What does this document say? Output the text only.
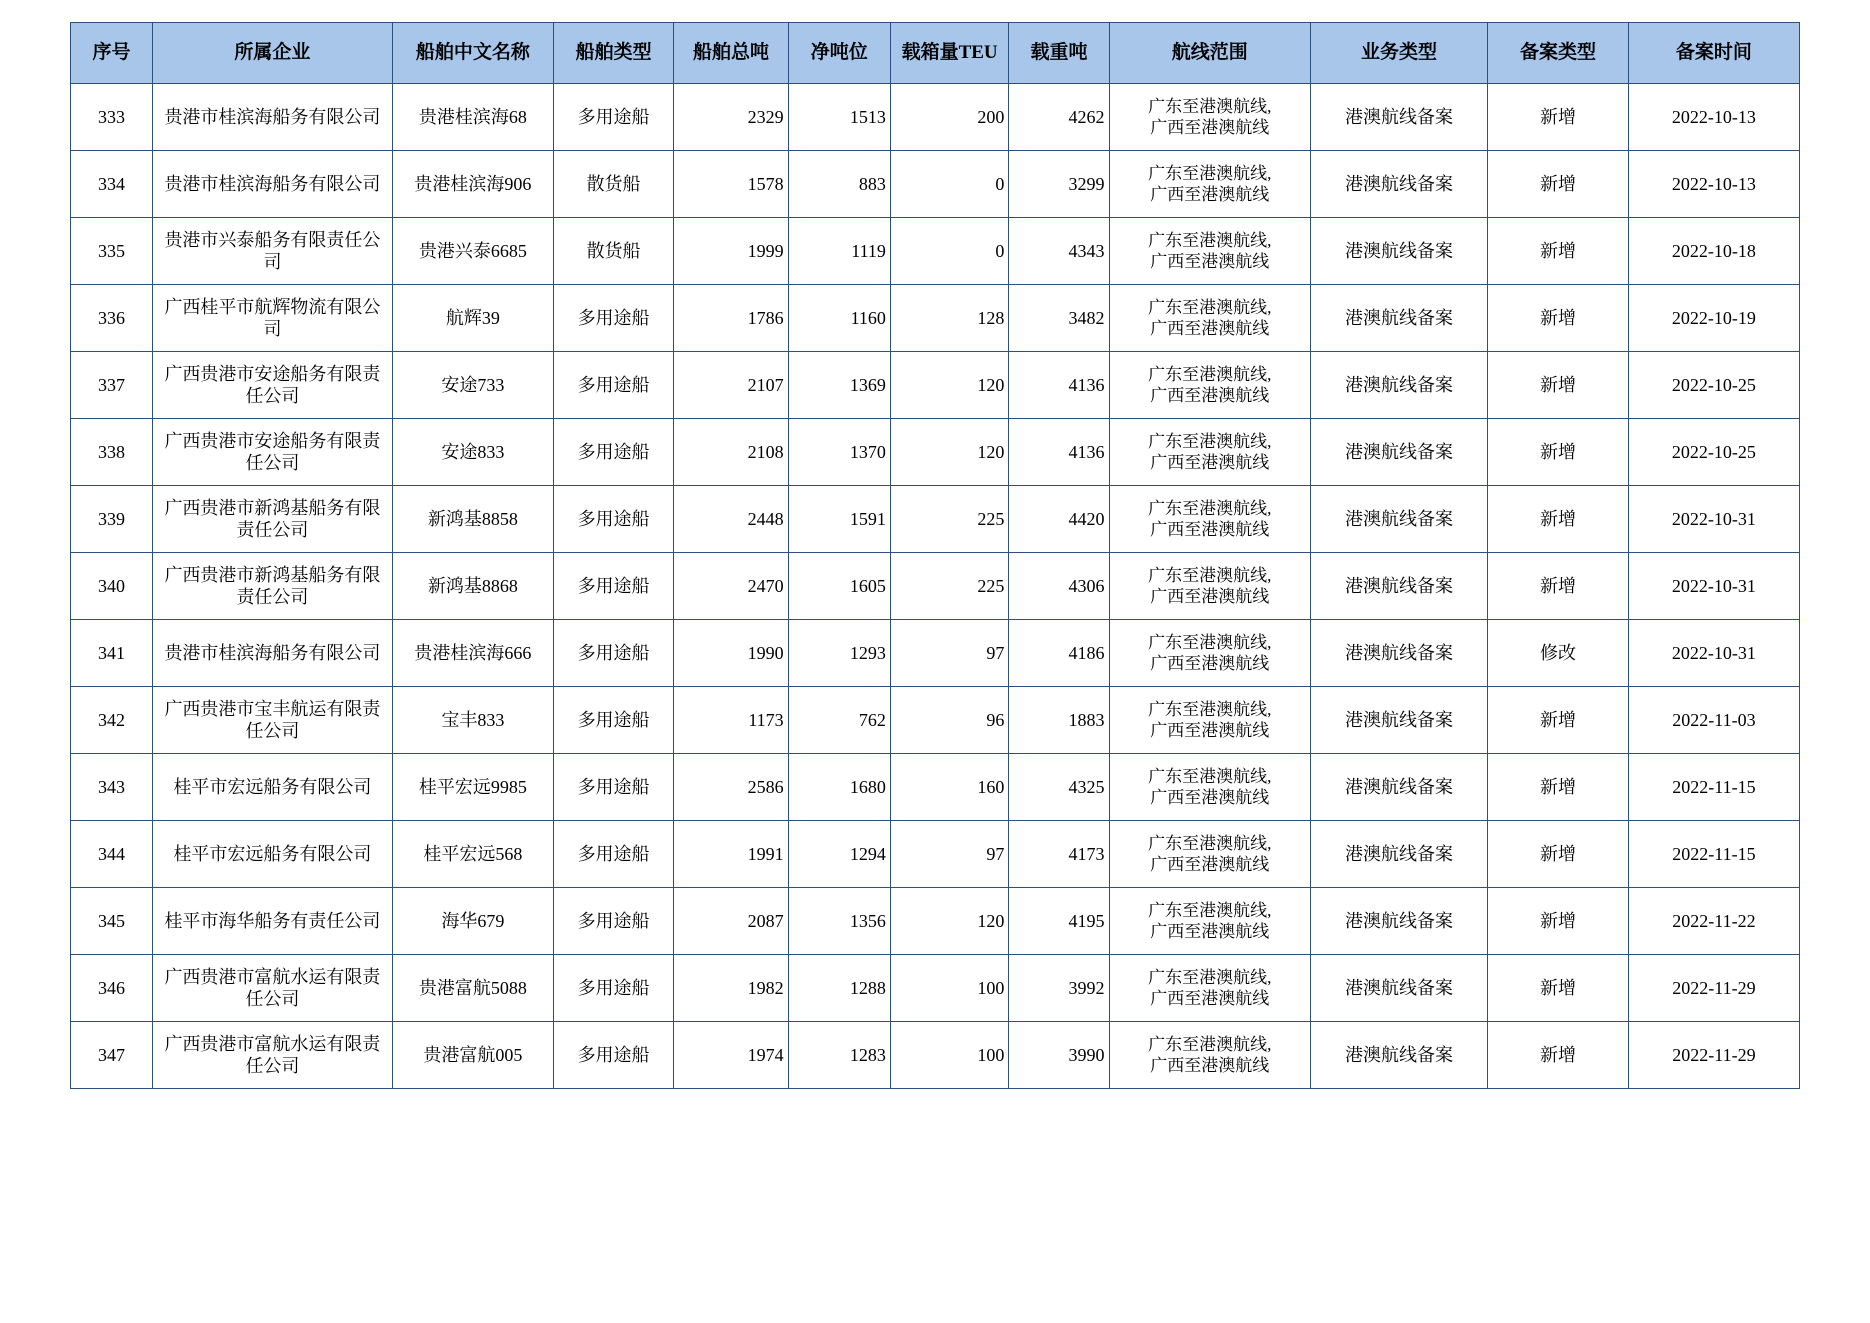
序号	所属企业	船舶中文名称	船舶类型	船舶总吨	净吨位	载箱量TEU	载重吨	航线范围	业务类型	备案类型	备案时间
333	贵港市桂滨海船务有限公司	贵港桂滨海68	多用途船	2329	1513	200	4262	广东至港澳航线,
广西至港澳航线	港澳航线备案	新增	2022-10-13
334	贵港市桂滨海船务有限公司	贵港桂滨海906	散货船	1578	883	0	3299	广东至港澳航线,
广西至港澳航线	港澳航线备案	新增	2022-10-13
335	贵港市兴泰船务有限责任公司	贵港兴泰6685	散货船	1999	1119	0	4343	广东至港澳航线,
广西至港澳航线	港澳航线备案	新增	2022-10-18
336	广西桂平市航辉物流有限公司	航辉39	多用途船	1786	1160	128	3482	广东至港澳航线,
广西至港澳航线	港澳航线备案	新增	2022-10-19
337	广西贵港市安途船务有限责任公司	安途733	多用途船	2107	1369	120	4136	广东至港澳航线,
广西至港澳航线	港澳航线备案	新增	2022-10-25
338	广西贵港市安途船务有限责任公司	安途833	多用途船	2108	1370	120	4136	广东至港澳航线,
广西至港澳航线	港澳航线备案	新增	2022-10-25
339	广西贵港市新鸿基船务有限责任公司	新鸿基8858	多用途船	2448	1591	225	4420	广东至港澳航线,
广西至港澳航线	港澳航线备案	新增	2022-10-31
340	广西贵港市新鸿基船务有限责任公司	新鸿基8868	多用途船	2470	1605	225	4306	广东至港澳航线,
广西至港澳航线	港澳航线备案	新增	2022-10-31
341	贵港市桂滨海船务有限公司	贵港桂滨海666	多用途船	1990	1293	97	4186	广东至港澳航线,
广西至港澳航线	港澳航线备案	修改	2022-10-31
342	广西贵港市宝丰航运有限责任公司	宝丰833	多用途船	1173	762	96	1883	广东至港澳航线,
广西至港澳航线	港澳航线备案	新增	2022-11-03
343	桂平市宏远船务有限公司	桂平宏远9985	多用途船	2586	1680	160	4325	广东至港澳航线,
广西至港澳航线	港澳航线备案	新增	2022-11-15
344	桂平市宏远船务有限公司	桂平宏远568	多用途船	1991	1294	97	4173	广东至港澳航线,
广西至港澳航线	港澳航线备案	新增	2022-11-15
345	桂平市海华船务有责任公司	海华679	多用途船	2087	1356	120	4195	广东至港澳航线,
广西至港澳航线	港澳航线备案	新增	2022-11-22
346	广西贵港市富航水运有限责任公司	贵港富航5088	多用途船	1982	1288	100	3992	广东至港澳航线,
广西至港澳航线	港澳航线备案	新增	2022-11-29
347	广西贵港市富航水运有限责任公司	贵港富航005	多用途船	1974	1283	100	3990	广东至港澳航线,
广西至港澳航线	港澳航线备案	新增	2022-11-29
